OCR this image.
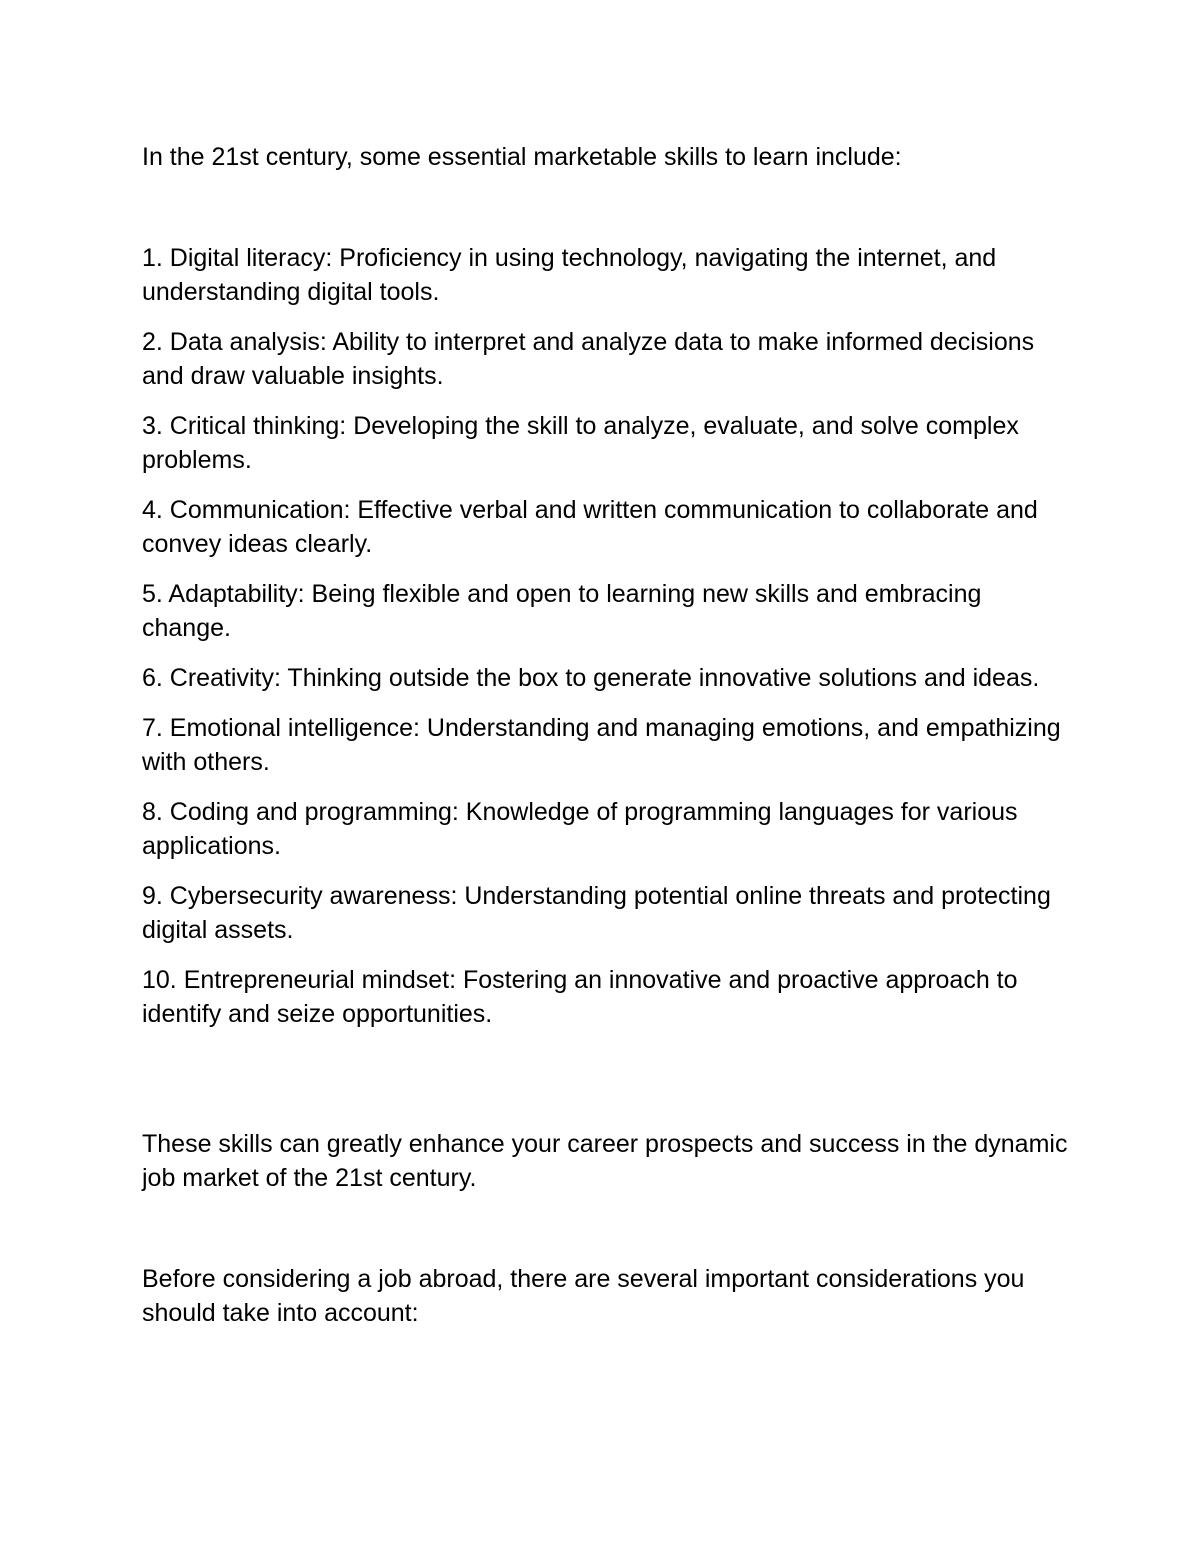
In the 21st century, some essential marketable skills to learn include:

1. Digital literacy: Proficiency in using technology, navigating the internet, and understanding digital tools.
2. Data analysis: Ability to interpret and analyze data to make informed decisions and draw valuable insights.
3. Critical thinking: Developing the skill to analyze, evaluate, and solve complex problems.
4. Communication: Effective verbal and written communication to collaborate and convey ideas clearly.
5. Adaptability: Being flexible and open to learning new skills and embracing change.
6. Creativity: Thinking outside the box to generate innovative solutions and ideas.
7. Emotional intelligence: Understanding and managing emotions, and empathizing with others.
8. Coding and programming: Knowledge of programming languages for various applications.
9. Cybersecurity awareness: Understanding potential online threats and protecting digital assets.
10. Entrepreneurial mindset: Fostering an innovative and proactive approach to identify and seize opportunities.

These skills can greatly enhance your career prospects and success in the dynamic job market of the 21st century.

Before considering a job abroad, there are several important considerations you should take into account:
